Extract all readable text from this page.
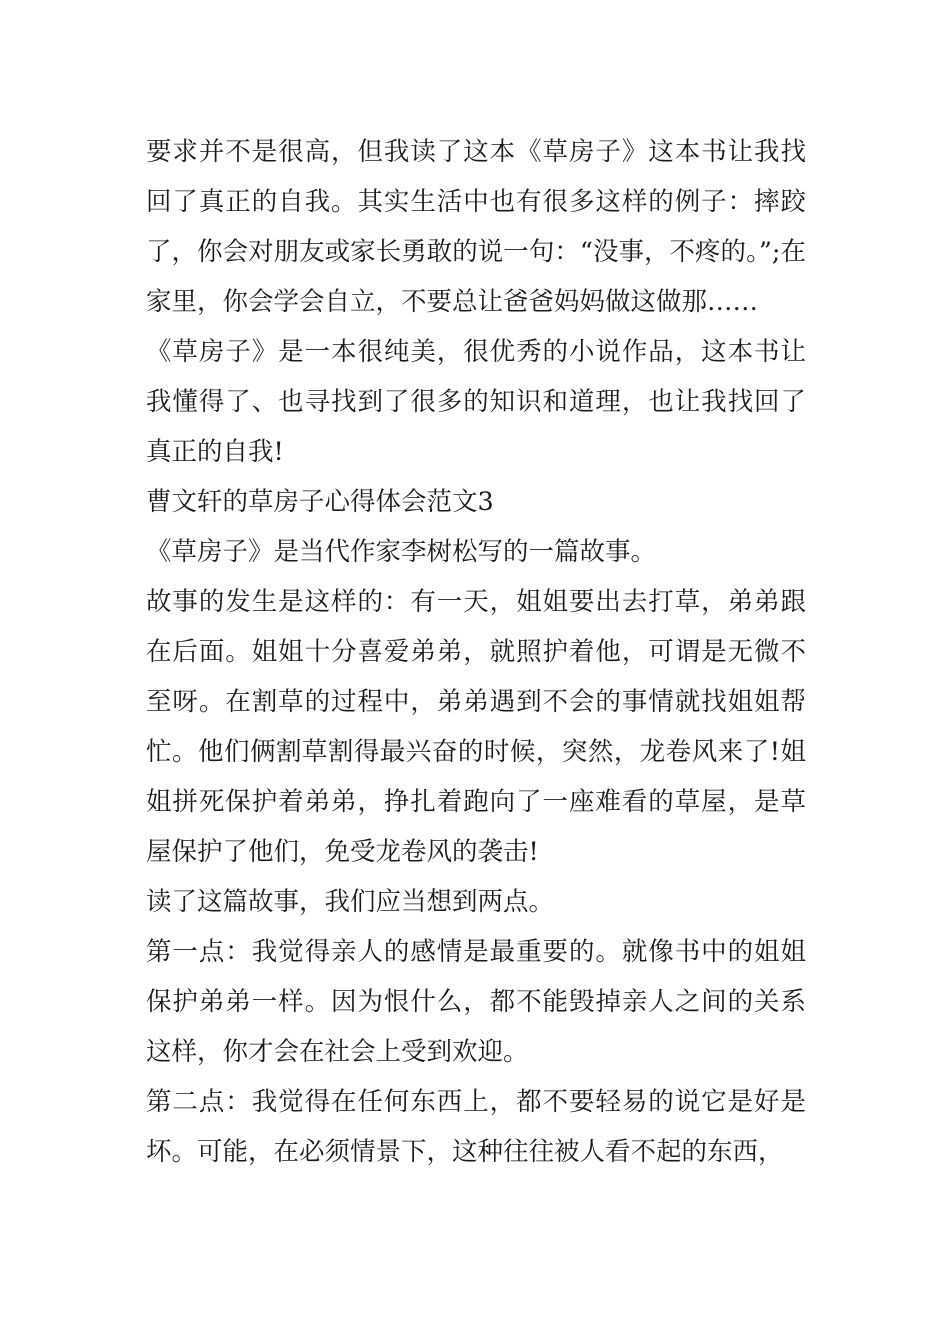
要求并不是很高，但我读了这本《草房子》这本书让我找回了真正的自我。其实生活中也有很多这样的例子：摔跤了，你会对朋友或家长勇敢的说一句：“没事，不疼的。”;在家里，你会学会自立，不要总让爸爸妈妈做这做那……

《草房子》是一本很纯美，很优秀的小说作品，这本书让我懂得了、也寻找到了很多的知识和道理，也让我找回了真正的自我!

曹文轩的草房子心得体会范文3

《草房子》是当代作家李树松写的一篇故事。

故事的发生是这样的：有一天，姐姐要出去打草，弟弟跟在后面。姐姐十分喜爱弟弟，就照护着他，可谓是无微不至呀。在割草的过程中，弟弟遇到不会的事情就找姐姐帮忙。他们俩割草割得最兴奋的时候，突然，龙卷风来了!姐姐拼死保护着弟弟，挣扎着跑向了一座难看的草屋，是草屋保护了他们，免受龙卷风的袭击!

读了这篇故事，我们应当想到两点。

第一点：我觉得亲人的感情是最重要的。就像书中的姐姐保护弟弟一样。因为恨什么，都不能毁掉亲人之间的关系这样，你才会在社会上受到欢迎。

第二点：我觉得在任何东西上，都不要轻易的说它是好是坏。可能，在必须情景下，这种往往被人看不起的东西，
